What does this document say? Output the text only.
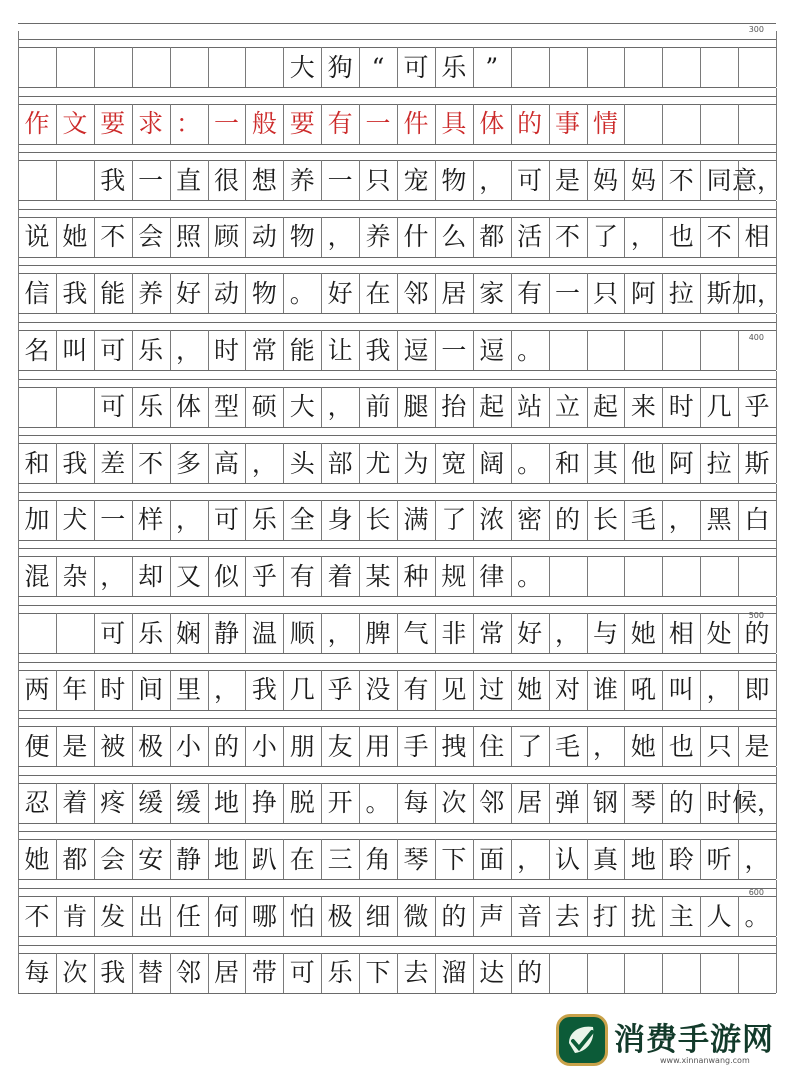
大 狗 “ 可 乐 ”
作 文 要 求 ： 一 般 要 有 一 件 具 体 的 事 情
我 一 直 很 想 养 一 只 宠 物 ， 可 是 妈 妈 不 同 意，
说 她 不 会 照 顾 动 物 ， 养 什 么 都 活 不 了 ， 也 不 相
信 我 能 养 好 动 物 。 好 在 邻 居 家 有 一 只 阿 拉 斯 加，
名 叫 可 乐 ， 时 常 能 让 我 逗 一 逗 。
可 乐 体 型 硕 大 ， 前 腿 抬 起 站 立 起 来 时 几 乎
和 我 差 不 多 高 ， 头 部 尤 为 宽 阔 。 和 其 他 阿 拉 斯
加 犬 一 样 ， 可 乐 全 身 长 满 了 浓 密 的 长 毛 ， 黑 白
混 杂 ， 却 又 似 乎 有 着 某 种 规 律 。
可 乐 娴 静 温 顺 ， 脾 气 非 常 好 ， 与 她 相 处 的
两 年 时 间 里 ， 我 几 乎 没 有 见 过 她 对 谁 吼 叫 ， 即
便 是 被 极 小 的 小 朋 友 用 手 拽 住 了 毛 ， 她 也 只 是
忍 着 疼 缓 缓 地 挣 脱 开 。 每 次 邻 居 弹 钢 琴 的 时 候，
她 都 会 安 静 地 趴 在 三 角 琴 下 面 ， 认 真 地 聆 听 ，
不 肯 发 出 任 何 哪 怕 极 细 微 的 声 音 去 打 扰 主 人 。
每 次 我 替 邻 居 带 可 乐 下 去 溜 达 的
300
400
500
600
消费手游网
www.xinnanwang.com
